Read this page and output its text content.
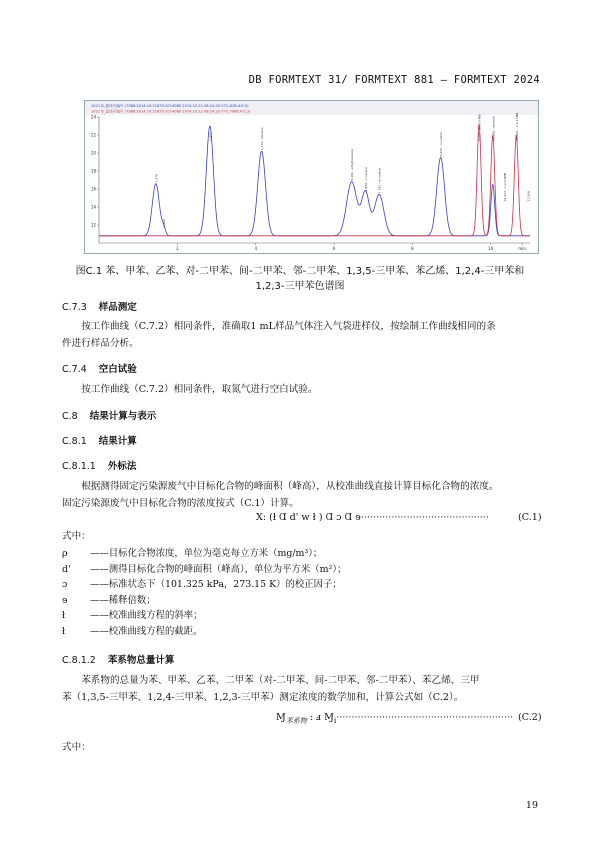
DB FORMTEXT 31/ FORMTEXT 881 — FORMTEXT 2024
1021 B_基线号编号 (7988:2014.10:21870:2014080 2014.10.22 08:24:20 07C:81B:4:E:3)
1021 B_基线号编号 (7988:2014.10:21870:2014080 2014.10.22 08:24:20 07C:7988:4:E:3)
24
22
20
18
16
14
12
2	4	6	8	10	min
1.470
1.802
2.850	4.116 - toluene
6.493 - ethylbenzene	6.826 - p-xylene	7.145 - m-xylene
8.643 - o-xylene
9.654 - 1,3,5-TMB	10.062 - styrene
10.377 - 1,2,4-TMB
10.491 - 1,2,3-TMB
11.006
图C.1 苯、甲苯、乙苯、对-二甲苯、间-二甲苯、邻-二甲苯、1,3,5-三甲苯、苯乙烯、1,2,4-三甲苯和
1,2,3-三甲苯色谱图
C.7.3 样品测定
按工作曲线（C.7.2）相同条件，准确取1 mL样品气体注入气袋进样仪，按绘制工作曲线相同的条
件进行样品分析。
C.7.4 空白试验
按工作曲线（C.7.2）相同条件，取氮气进行空白试验。
C.8 结果计算与表示
C.8.1 结果计算
C.8.1.1 外标法
根据测得固定污染源废气中目标化合物的峰面积（峰高），从校准曲线直接计算目标化合物的浓度。
固定污染源废气中目标化合物的浓度按式（C.1）计算。
X: (ł Ɑ d' w ł ) Ɑ ɔ Ɑ ɘ··········································	(C.1)
式中：
ρ ——目标化合物浓度，单位为毫克每立方米（mg/m³）；
d' ——测得目标化合物的峰面积（峰高），单位为平方米（m²）；
ɔ ——标准状态下（101.325 kPa，273.15 K）的校正因子；
ɘ ——稀释倍数；
ł	——校准曲线方程的斜率；
ł	——校准曲线方程的截距。
C.8.1.2 苯系物总量计算
苯系物的总量为苯、甲苯、乙苯、二甲苯（对-二甲苯、间-二甲苯、邻-二甲苯）、苯乙烯、三甲
苯（1,3,5-三甲苯、1,2,4-三甲苯、1,2,3-三甲苯）测定浓度的数学加和，计算公式如（C.2）。
Ɱ$_{苯系物}$ : ⅎ Ɱ$_i$·························································· (C.2)
式中：
19
